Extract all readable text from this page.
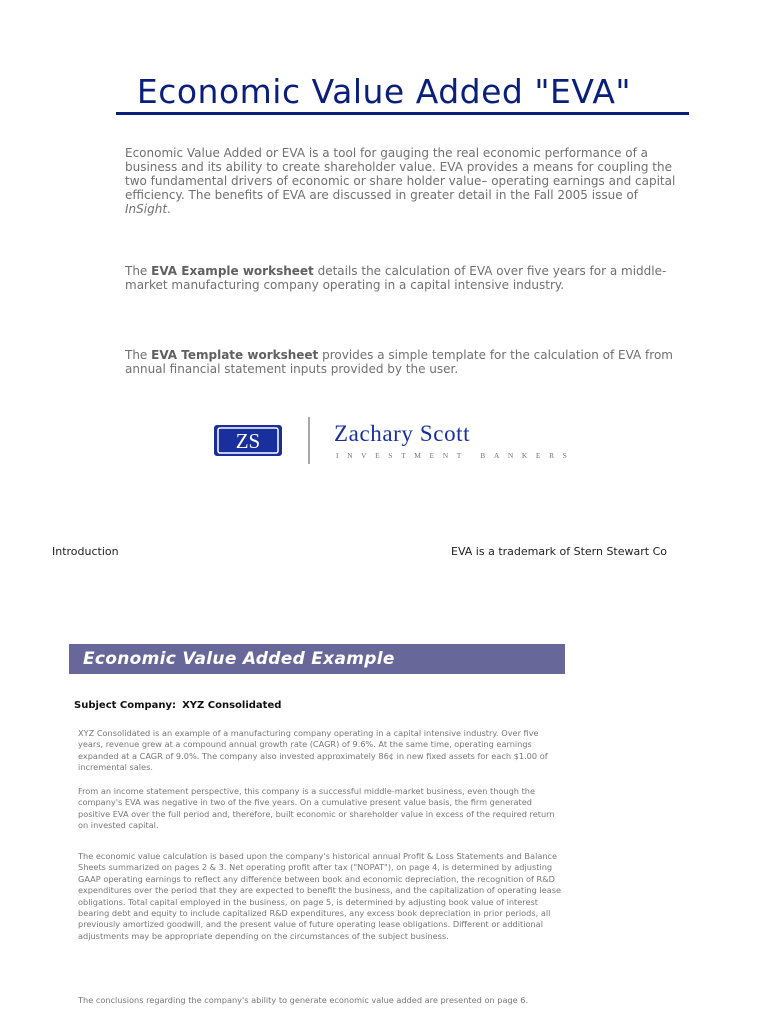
Economic Value Added "EVA"
Economic Value Added or EVA is a tool for gauging the real economic performance of a business and its ability to create shareholder value. EVA provides a means for coupling the two fundamental drivers of economic or share holder value– operating earnings and capital efficiency. The benefits of EVA are discussed in greater detail in the Fall 2005 issue of InSight.
The EVA Example worksheet details the calculation of EVA over five years for a middle-market manufacturing company operating in a capital intensive industry.
The EVA Template worksheet provides a simple template for the calculation of EVA from annual financial statement inputs provided by the user.
ZS	Zachary Scott
INVESTMENT BANKERS
Introduction	EVA is a trademark of Stern Stewart Co
Economic Value Added Example
Subject Company: XYZ Consolidated
XYZ Consolidated is an example of a manufacturing company operating in a capital intensive industry. Over five years, revenue grew at a compound annual growth rate (CAGR) of 9.6%. At the same time, operating earnings expanded at a CAGR of 9.0%. The company also invested approximately 86¢ in new fixed assets for each $1.00 of incremental sales.
From an income statement perspective, this company is a successful middle-market business, even though the company's EVA was negative in two of the five years. On a cumulative present value basis, the firm generated positive EVA over the full period and, therefore, built economic or shareholder value in excess of the required return on invested capital.
The economic value calculation is based upon the company's historical annual Profit & Loss Statements and Balance Sheets summarized on pages 2 & 3. Net operating profit after tax ("NOPAT"), on page 4, is determined by adjusting GAAP operating earnings to reflect any difference between book and economic depreciation, the recognition of R&D expenditures over the period that they are expected to benefit the business, and the capitalization of operating lease obligations. Total capital employed in the business, on page 5, is determined by adjusting book value of interest bearing debt and equity to include capitalized R&D expenditures, any excess book depreciation in prior periods, all previously amortized goodwill, and the present value of future operating lease obligations. Different or additional adjustments may be appropriate depending on the circumstances of the subject business.
The conclusions regarding the company's ability to generate economic value added are presented on page 6.
